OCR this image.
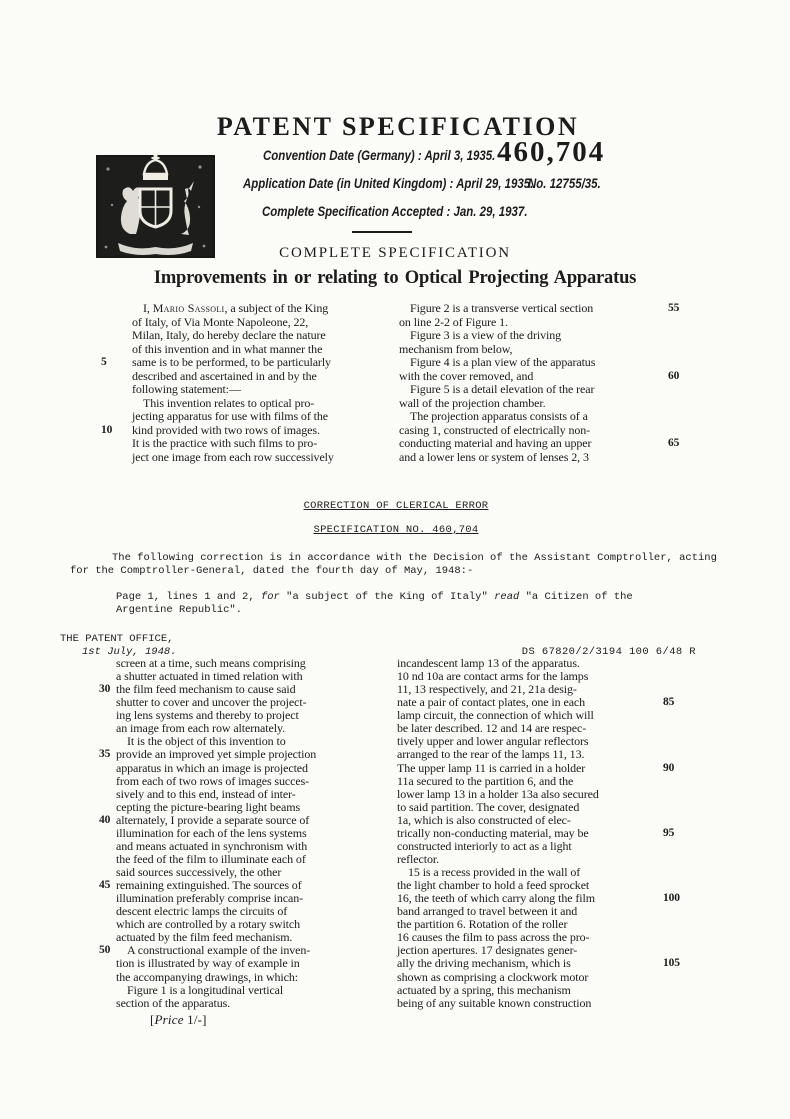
PATENT SPECIFICATION
Convention Date (Germany) : April 3, 1935. 460,704
Application Date (in United Kingdom) : April 29, 1935.
No. 12755/35.
Complete Specification Accepted : Jan. 29, 1937.
COMPLETE SPECIFICATION
Improvements in or relating to Optical Projecting Apparatus
I, Mario Sassoli, a subject of the King
of Italy, of Via Monte Napoleone, 22,
Milan, Italy, do hereby declare the nature
of this invention and in what manner the
5	same is to be performed, to be particularly
described and ascertained in and by the
following statement:—
This invention relates to optical pro-
jecting apparatus for use with films of the
10	kind provided with two rows of images.
It is the practice with such films to pro-
ject one image from each row successively
Figure 2 is a transverse vertical section	55
on line 2-2 of Figure 1.
Figure 3 is a view of the driving
mechanism from below,
Figure 4 is a plan view of the apparatus
with the cover removed, and	60
Figure 5 is a detail elevation of the rear
wall of the projection chamber.
The projection apparatus consists of a
casing 1, constructed of electrically non-
conducting material and having an upper	65
and a lower lens or system of lenses 2, 3
CORRECTION OF CLERICAL ERROR
SPECIFICATION NO. 460,704
The following correction is in accordance with the Decision of the Assistant Comptroller, acting for the Comptroller-General, dated the fourth day of May, 1948:-
Page 1, lines 1 and 2, for "a subject of the King of Italy" read "a Citizen of the Argentine Republic".
THE PATENT OFFICE,
1st July, 1948.	DS 67820/2/3194 100 6/48 R
screen at a time, such means comprising
a shutter actuated in timed relation with
30 the film feed mechanism to cause said
shutter to cover and uncover the project-
ing lens systems and thereby to project
an image from each row alternately.
It is the object of this invention to
35 provide an improved yet simple projection
apparatus in which an image is projected
from each of two rows of images succes-
sively and to this end, instead of inter-
cepting the picture-bearing light beams
40 alternately, I provide a separate source of
illumination for each of the lens systems
and means actuated in synchronism with
the feed of the film to illuminate each of
said sources successively, the other
45 remaining extinguished. The sources of
illumination preferably comprise incan-
descent electric lamps the circuits of
which are controlled by a rotary switch
actuated by the film feed mechanism.
50	A constructional example of the inven-
tion is illustrated by way of example in
the accompanying drawings, in which:
Figure 1 is a longitudinal vertical
section of the apparatus.
incandescent lamp 13 of the apparatus.
10 nd 10a are contact arms for the lamps
11, 13 respectively, and 21, 21a desig-
nate a pair of contact plates, one in each	85
lamp circuit, the connection of which will
be later described. 12 and 14 are respec-
tively upper and lower angular reflectors
arranged to the rear of the lamps 11, 13.
The upper lamp 11 is carried in a holder	90
11a secured to the partition 6, and the
lower lamp 13 in a holder 13a also secured
to said partition. The cover, designated
1a, which is also constructed of elec-
trically non-conducting material, may be	95
constructed interiorly to act as a light
reflector.
15 is a recess provided in the wall of
the light chamber to hold a feed sprocket
16, the teeth of which carry along the film	100
band arranged to travel between it and
the partition 6. Rotation of the roller
16 causes the film to pass across the pro-
jection apertures. 17 designates gener-
ally the driving mechanism, which is	105
shown as comprising a clockwork motor
actuated by a spring, this mechanism
being of any suitable known construction
[Price 1/-]
